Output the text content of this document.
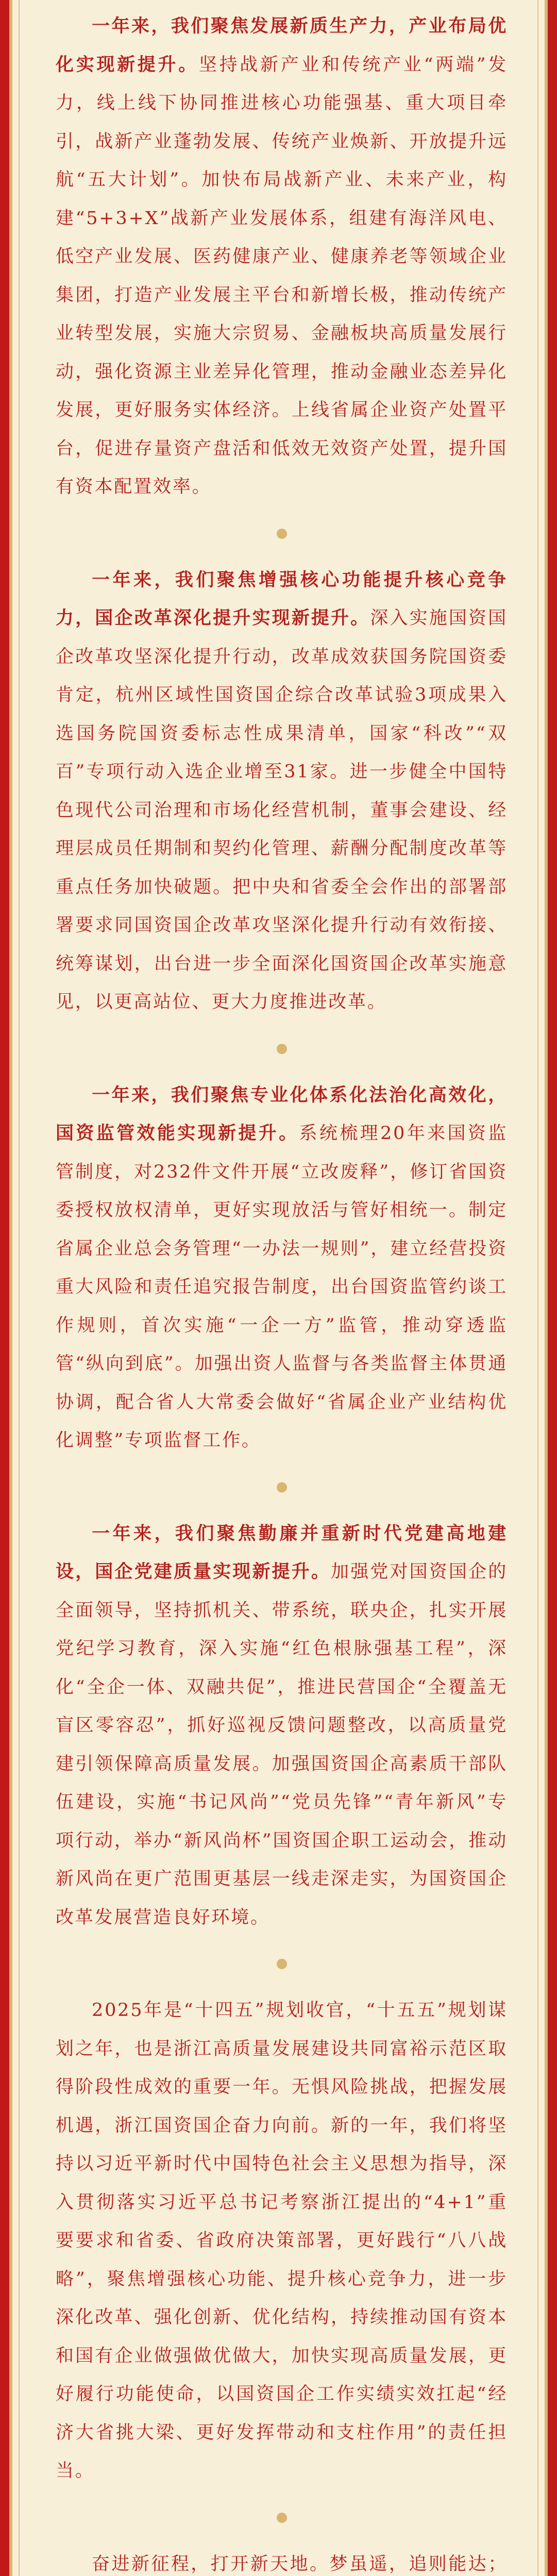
一年来，我们聚焦发展新质生产力，产业布局优化实现新提升。坚持战新产业和传统产业“两端”发力，线上线下协同推进核心功能强基、重大项目牵引，战新产业蓬勃发展、传统产业焕新、开放提升远航“五大计划”。加快布局战新产业、未来产业，构建“5+3+X”战新产业发展体系，组建有海洋风电、低空产业发展、医药健康产业、健康养老等领域企业集团，打造产业发展主平台和新增长极，推动传统产业转型发展，实施大宗贸易、金融板块高质量发展行动，强化资源主业差异化管理，推动金融业态差异化发展，更好服务实体经济。上线省属企业资产处置平台，促进存量资产盘活和低效无效资产处置，提升国有资本配置效率。

一年来，我们聚焦增强核心功能提升核心竞争力，国企改革深化提升实现新提升。深入实施国资国企改革攻坚深化提升行动，改革成效获国务院国资委肯定，杭州区域性国资国企综合改革试验3项成果入选国务院国资委标志性成果清单，国家“科改”“双百”专项行动入选企业增至31家。进一步健全中国特色现代公司治理和市场化经营机制，董事会建设、经理层成员任期制和契约化管理、薪酬分配制度改革等重点任务加快破题。把中央和省委全会作出的部署部署要求同国资国企改革攻坚深化提升行动有效衔接、统筹谋划，出台进一步全面深化国资国企改革实施意见，以更高站位、更大力度推进改革。

一年来，我们聚焦专业化体系化法治化高效化，国资监管效能实现新提升。系统梳理20年来国资监管制度，对232件文件开展“立改废释”，修订省国资委授权放权清单，更好实现放活与管好相统一。制定省属企业总会务管理“一办法一规则”，建立经营投资重大风险和责任追究报告制度，出台国资监管约谈工作规则，首次实施“一企一方”监管，推动穿透监管“纵向到底”。加强出资人监督与各类监督主体贯通协调，配合省人大常委会做好“省属企业产业结构优化调整”专项监督工作。

一年来，我们聚焦勤廉并重新时代党建高地建设，国企党建质量实现新提升。加强党对国资国企的全面领导，坚持抓机关、带系统，联央企，扎实开展党纪学习教育，深入实施“红色根脉强基工程”，深化“全企一体、双融共促”，推进民营国企“全覆盖无盲区零容忍”，抓好巡视反馈问题整改，以高质量党建引领保障高质量发展。加强国资国企高素质干部队伍建设，实施“书记风尚”“党员先锋”“青年新风”专项行动，举办“新风尚杯”国资国企职工运动会，推动新风尚在更广范围更基层一线走深走实，为国资国企改革发展营造良好环境。

2025年是“十四五”规划收官，“十五五”规划谋划之年，也是浙江高质量发展建设共同富裕示范区取得阶段性成效的重要一年。无惧风险挑战，把握发展机遇，浙江国资国企奋力向前。新的一年，我们将坚持以习近平新时代中国特色社会主义思想为指导，深入贯彻落实习近平总书记考察浙江提出的“4+1”重要要求和省委、省政府决策部署，更好践行“八八战略”，聚焦增强核心功能、提升核心竞争力，进一步深化改革、强化创新、优化结构，持续推动国有资本和国有企业做强做优做大，加快实现高质量发展，更好履行功能使命，以国资国企工作实绩实效扛起“经济大省挑大梁、更好发挥带动和支柱作用”的责任担当。

奋进新征程，打开新天地。梦虽遥，追则能达；
